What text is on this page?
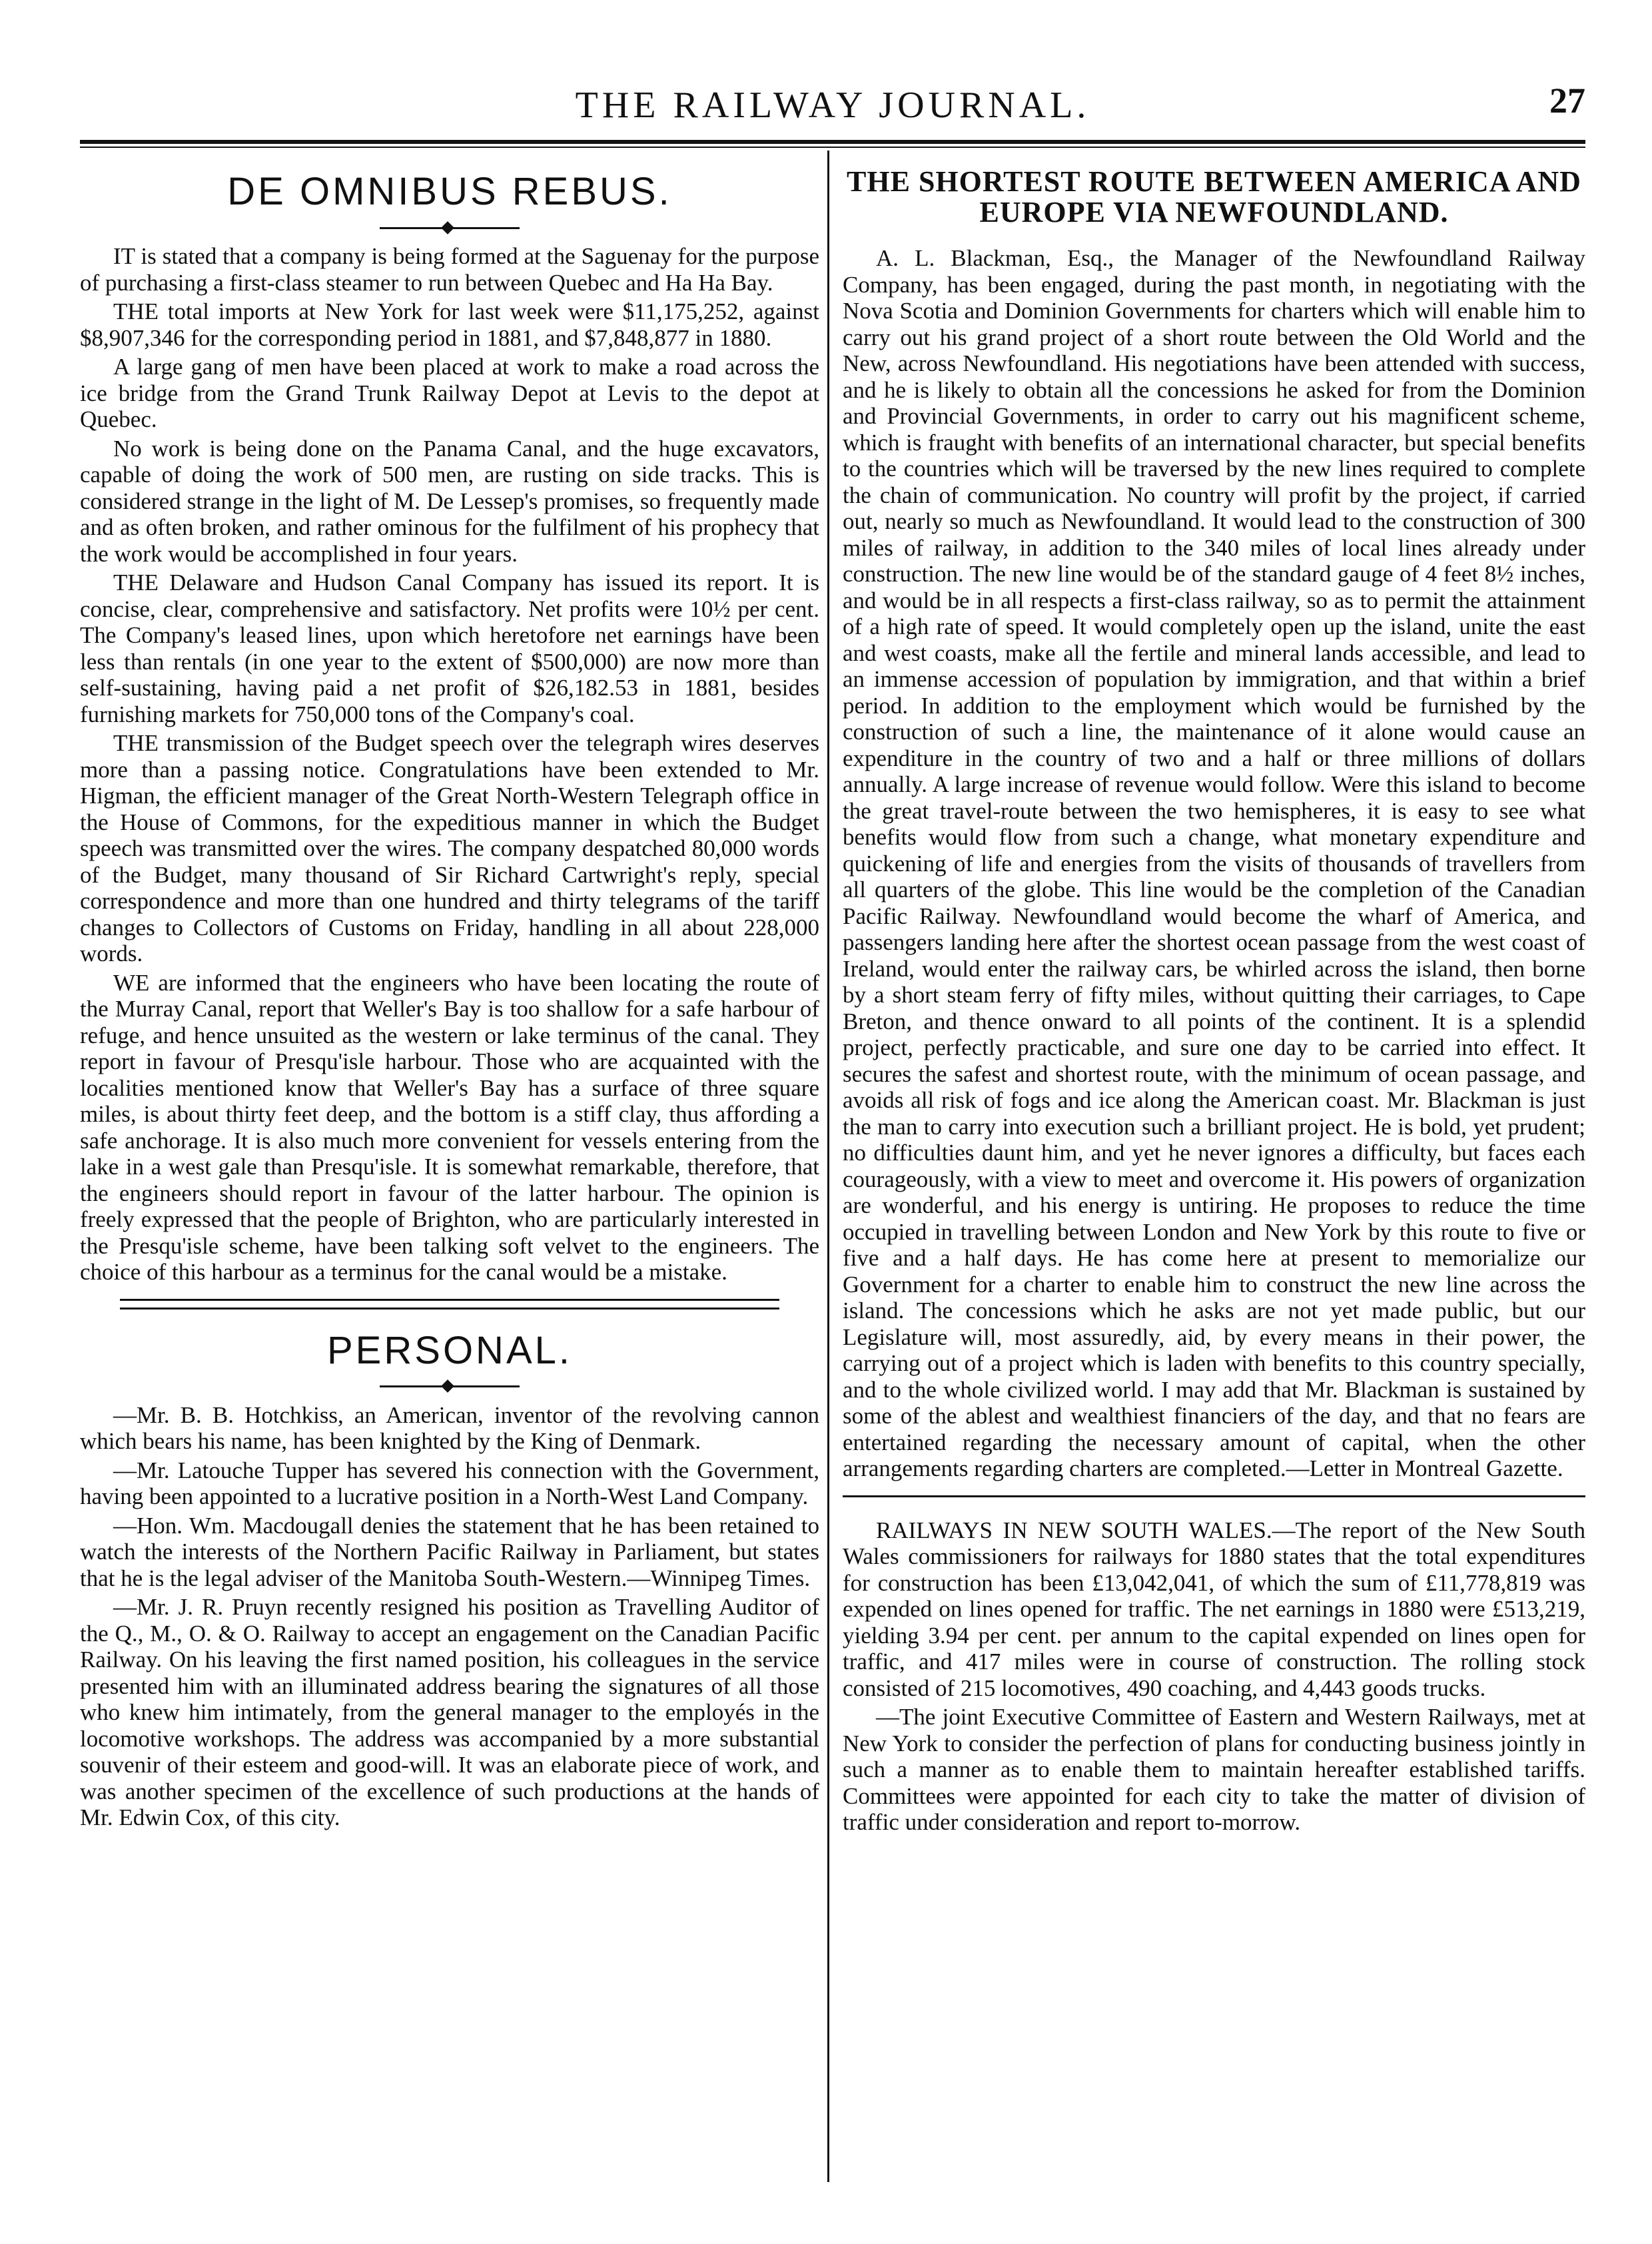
THE RAILWAY JOURNAL.	27
DE OMNIBUS REBUS.

IT is stated that a company is being formed at the Saguenay for the purpose of purchasing a first-class steamer to run between Quebec and Ha Ha Bay.

THE total imports at New York for last week were $11,175,252, against $8,907,346 for the corresponding period in 1881, and $7,848,877 in 1880.

A large gang of men have been placed at work to make a road across the ice bridge from the Grand Trunk Railway Depot at Levis to the depot at Quebec.

No work is being done on the Panama Canal, and the huge excavators, capable of doing the work of 500 men, are rusting on side tracks. This is considered strange in the light of M. De Lessep's promises, so frequently made and as often broken, and rather ominous for the fulfilment of his prophecy that the work would be accomplished in four years.

THE Delaware and Hudson Canal Company has issued its report. It is concise, clear, comprehensive and satisfactory. Net profits were 10½ per cent. The Company's leased lines, upon which heretofore net earnings have been less than rentals (in one year to the extent of $500,000) are now more than self-sustaining, having paid a net profit of $26,182.53 in 1881, besides furnishing markets for 750,000 tons of the Company's coal.

THE transmission of the Budget speech over the telegraph wires deserves more than a passing notice. Congratulations have been extended to Mr. Higman, the efficient manager of the Great North-Western Telegraph office in the House of Commons, for the expeditious manner in which the Budget speech was transmitted over the wires. The company despatched 80,000 words of the Budget, many thousand of Sir Richard Cartwright's reply, special correspondence and more than one hundred and thirty telegrams of the tariff changes to Collectors of Customs on Friday, handling in all about 228,000 words.

WE are informed that the engineers who have been locating the route of the Murray Canal, report that Weller's Bay is too shallow for a safe harbour of refuge, and hence unsuited as the western or lake terminus of the canal. They report in favour of Presqu'isle harbour. Those who are acquainted with the localities mentioned know that Weller's Bay has a surface of three square miles, is about thirty feet deep, and the bottom is a stiff clay, thus affording a safe anchorage. It is also much more convenient for vessels entering from the lake in a west gale than Presqu'isle. It is somewhat remarkable, therefore, that the engineers should report in favour of the latter harbour. The opinion is freely expressed that the people of Brighton, who are particularly interested in the Presqu'isle scheme, have been talking soft velvet to the engineers. The choice of this harbour as a terminus for the canal would be a mistake.

PERSONAL.

—Mr. B. B. Hotchkiss, an American, inventor of the revolving cannon which bears his name, has been knighted by the King of Denmark.

—Mr. Latouche Tupper has severed his connection with the Government, having been appointed to a lucrative position in a North-West Land Company.

—Hon. Wm. Macdougall denies the statement that he has been retained to watch the interests of the Northern Pacific Railway in Parliament, but states that he is the legal adviser of the Manitoba South-Western.—Winnipeg Times.

—Mr. J. R. Pruyn recently resigned his position as Travelling Auditor of the Q., M., O. & O. Railway to accept an engagement on the Canadian Pacific Railway. On his leaving the first named position, his colleagues in the service presented him with an illuminated address bearing the signatures of all those who knew him intimately, from the general manager to the employés in the locomotive workshops. The address was accompanied by a more substantial souvenir of their esteem and good-will. It was an elaborate piece of work, and was another specimen of the excellence of such productions at the hands of Mr. Edwin Cox, of this city.

THE SHORTEST ROUTE BETWEEN AMERICA AND EUROPE VIA NEWFOUNDLAND.

A. L. Blackman, Esq., the Manager of the Newfoundland Railway Company, has been engaged, during the past month, in negotiating with the Nova Scotia and Dominion Governments for charters which will enable him to carry out his grand project of a short route between the Old World and the New, across Newfoundland. His negotiations have been attended with success, and he is likely to obtain all the concessions he asked for from the Dominion and Provincial Governments, in order to carry out his magnificent scheme, which is fraught with benefits of an international character, but special benefits to the countries which will be traversed by the new lines required to complete the chain of communication. No country will profit by the project, if carried out, nearly so much as Newfoundland. It would lead to the construction of 300 miles of railway, in addition to the 340 miles of local lines already under construction. The new line would be of the standard gauge of 4 feet 8½ inches, and would be in all respects a first-class railway, so as to permit the attainment of a high rate of speed. It would completely open up the island, unite the east and west coasts, make all the fertile and mineral lands accessible, and lead to an immense accession of population by immigration, and that within a brief period. In addition to the employment which would be furnished by the construction of such a line, the maintenance of it alone would cause an expenditure in the country of two and a half or three millions of dollars annually. A large increase of revenue would follow. Were this island to become the great travel-route between the two hemispheres, it is easy to see what benefits would flow from such a change, what monetary expenditure and quickening of life and energies from the visits of thousands of travellers from all quarters of the globe. This line would be the completion of the Canadian Pacific Railway. Newfoundland would become the wharf of America, and passengers landing here after the shortest ocean passage from the west coast of Ireland, would enter the railway cars, be whirled across the island, then borne by a short steam ferry of fifty miles, without quitting their carriages, to Cape Breton, and thence onward to all points of the continent. It is a splendid project, perfectly practicable, and sure one day to be carried into effect. It secures the safest and shortest route, with the minimum of ocean passage, and avoids all risk of fogs and ice along the American coast. Mr. Blackman is just the man to carry into execution such a brilliant project. He is bold, yet prudent; no difficulties daunt him, and yet he never ignores a difficulty, but faces each courageously, with a view to meet and overcome it. His powers of organization are wonderful, and his energy is untiring. He proposes to reduce the time occupied in travelling between London and New York by this route to five or five and a half days. He has come here at present to memorialize our Government for a charter to enable him to construct the new line across the island. The concessions which he asks are not yet made public, but our Legislature will, most assuredly, aid, by every means in their power, the carrying out of a project which is laden with benefits to this country specially, and to the whole civilized world. I may add that Mr. Blackman is sustained by some of the ablest and wealthiest financiers of the day, and that no fears are entertained regarding the necessary amount of capital, when the other arrangements regarding charters are completed.—Letter in Montreal Gazette.

RAILWAYS IN NEW SOUTH WALES.—The report of the New South Wales commissioners for railways for 1880 states that the total expenditures for construction has been £13,042,041, of which the sum of £11,778,819 was expended on lines opened for traffic. The net earnings in 1880 were £513,219, yielding 3.94 per cent. per annum to the capital expended on lines open for traffic, and 417 miles were in course of construction. The rolling stock consisted of 215 locomotives, 490 coaching, and 4,443 goods trucks.

—The joint Executive Committee of Eastern and Western Railways, met at New York to consider the perfection of plans for conducting business jointly in such a manner as to enable them to maintain hereafter established tariffs. Committees were appointed for each city to take the matter of division of traffic under consideration and report to-morrow.
